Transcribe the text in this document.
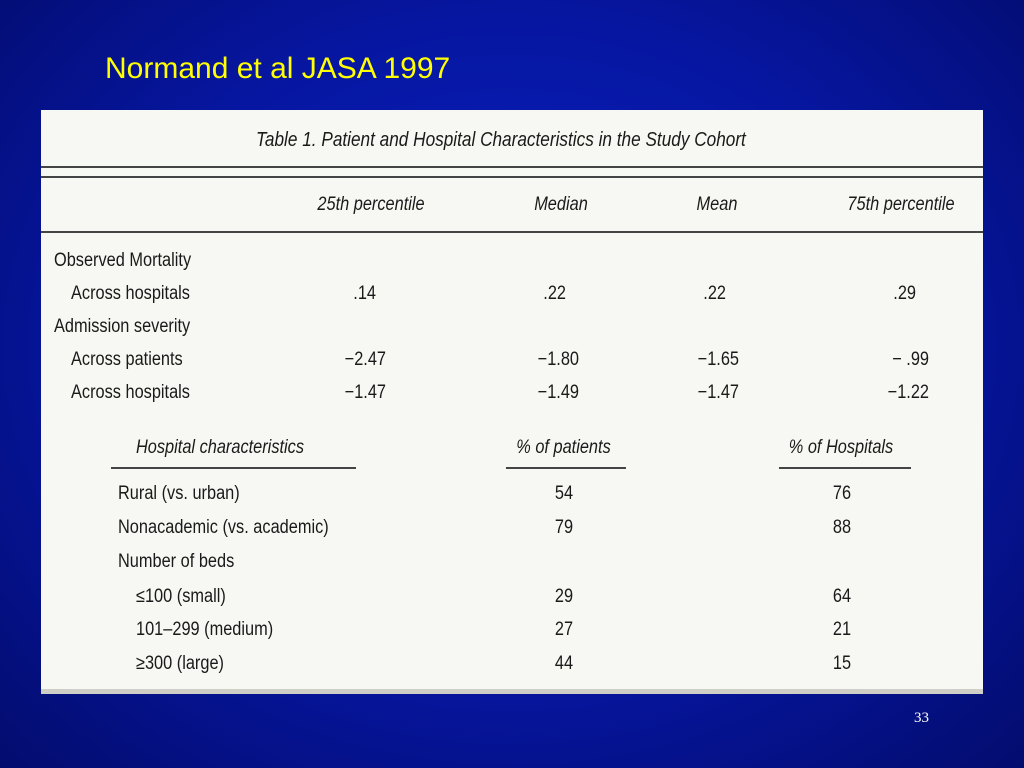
Normand et al JASA 1997
Table 1. Patient and Hospital Characteristics in the Study Cohort
25th percentile	Median	Mean	75th percentile
Observed Mortality
Across hospitals	.14	.22	.22	.29
Admission severity
Across patients	−2.47	−1.80	−1.65	− .99
Across hospitals	−1.47	−1.49	−1.47	−1.22
Hospital characteristics	% of patients	% of Hospitals
Rural (vs. urban)	54	76
Nonacademic (vs. academic)	79	88
Number of beds
≤100 (small)	29	64
101–299 (medium)	27	21
≥300 (large)	44	15
33
